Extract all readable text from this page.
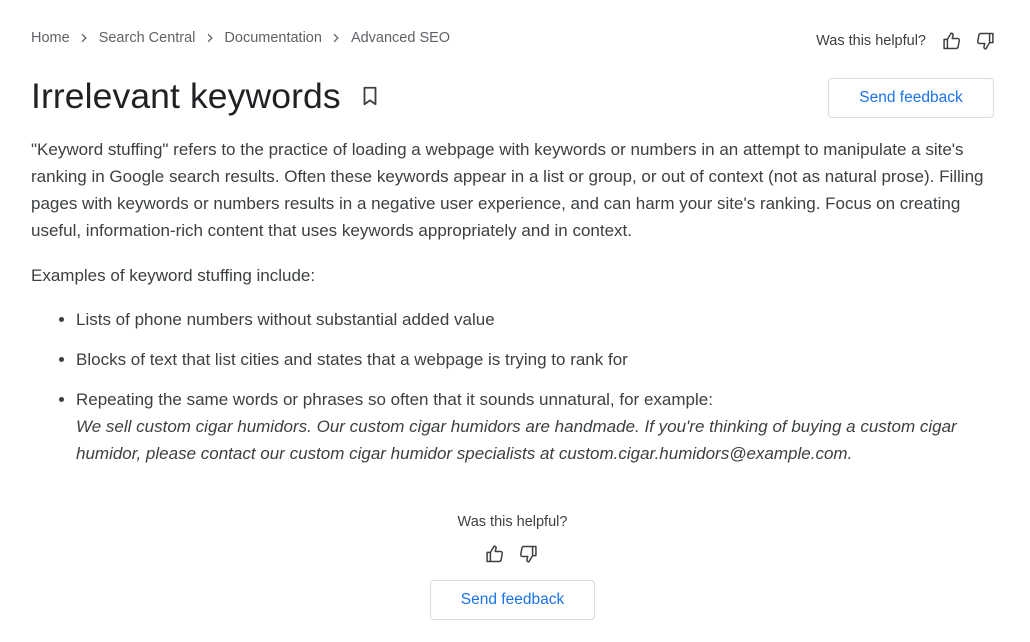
Home Search Central Documentation Advanced SEO	Was this helpful?
Irrelevant keywords	Send feedback

"Keyword stuffing" refers to the practice of loading a webpage with keywords or numbers in an attempt to manipulate a site's ranking in Google search results. Often these keywords appear in a list or group, or out of context (not as natural prose). Filling pages with keywords or numbers results in a negative user experience, and can harm your site's ranking. Focus on creating useful, information-rich content that uses keywords appropriately and in context.

Examples of keyword stuffing include:

• Lists of phone numbers without substantial added value
• Blocks of text that list cities and states that a webpage is trying to rank for
• Repeating the same words or phrases so often that it sounds unnatural, for example:
We sell custom cigar humidors. Our custom cigar humidors are handmade. If you're thinking of buying a custom cigar humidor, please contact our custom cigar humidor specialists at custom.cigar.humidors@example.com.
Was this helpful?
Send feedback
